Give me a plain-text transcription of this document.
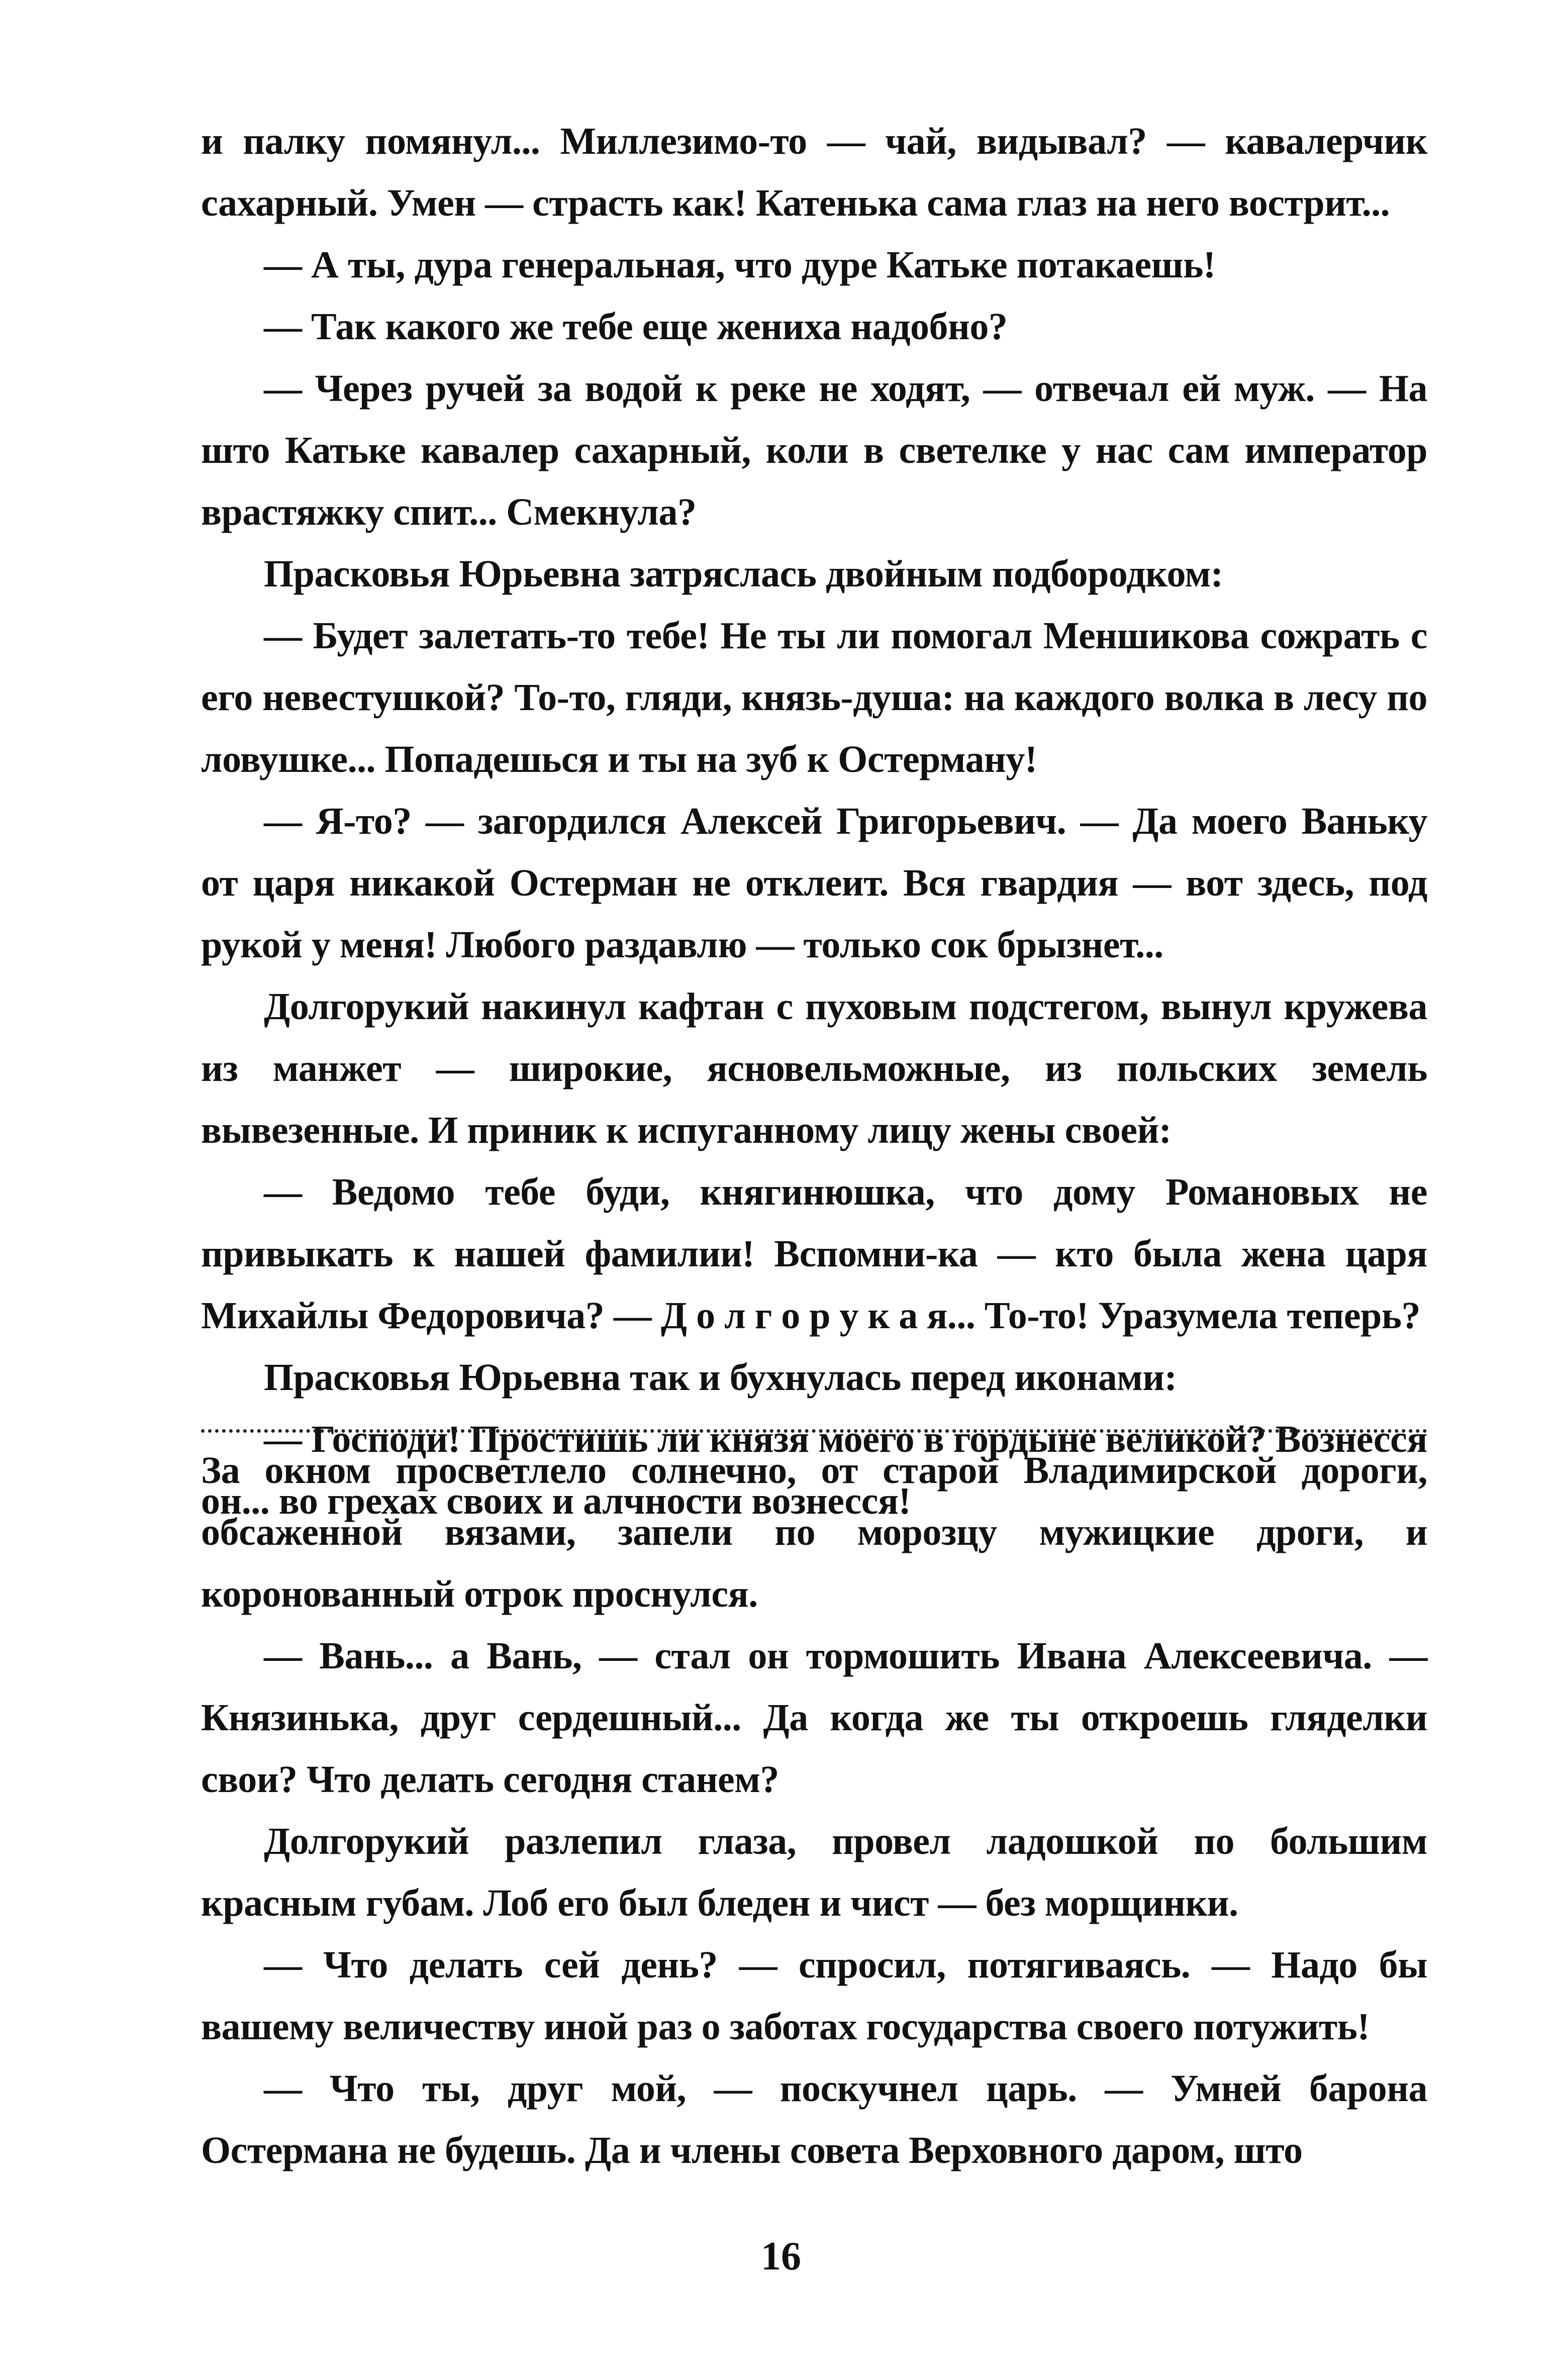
и палку помянул... Миллезимо-то — чай, видывал? — кавалерчик сахарный. Умен — страсть как! Катенька сама глаз на него вострит...

— А ты, дура генеральная, что дуре Катьке потакаешь!

— Так какого же тебе еще жениха надобно?

— Через ручей за водой к реке не ходят, — отвечал ей муж. — На што Катьке кавалер сахарный, коли в светелке у нас сам император врастяжку спит... Смекнула?

Прасковья Юрьевна затряслась двойным подбородком:

— Будет залетать-то тебе! Не ты ли помогал Меншикова сожрать с его невестушкой? То-то, гляди, князь-душа: на каждого волка в лесу по ловушке... Попадешься и ты на зуб к Остерману!

— Я-то? — загордился Алексей Григорьевич. — Да моего Ваньку от царя никакой Остерман не отклеит. Вся гвардия — вот здесь, под рукой у меня! Любого раздавлю — только сок брызнет...

Долгорукий накинул кафтан с пуховым подстегом, вынул кружева из манжет — широкие, ясновельможные, из польских земель вывезенные. И приник к испуганному лицу жены своей:

— Ведомо тебе буди, княгинюшка, что дому Романовых не привыкать к нашей фамилии! Вспомни-ка — кто была жена царя Михайлы Федоровича? — Д о л г о р у к а я... То-то! Уразумела теперь?

Прасковья Юрьевна так и бухнулась перед иконами:

— Господи! Простишь ли князя моего в гордыне великой? Вознесся он... во грехах своих и алчности вознесся!

За окном просветлело солнечно, от старой Владимирской дороги, обсаженной вязами, запели по морозцу мужицкие дроги, и коронованный отрок проснулся.

— Вань... а Вань, — стал он тормошить Ивана Алексеевича. — Князинька, друг сердешный... Да когда же ты откроешь гляделки свои? Что делать сегодня станем?

Долгорукий разлепил глаза, провел ладошкой по большим красным губам. Лоб его был бледен и чист — без морщинки.

— Что делать сей день? — спросил, потягиваясь. — Надо бы вашему величеству иной раз о заботах государства своего потужить!

— Что ты, друг мой, — поскучнел царь. — Умней барона Остермана не будешь. Да и члены совета Верховного даром, што

16
